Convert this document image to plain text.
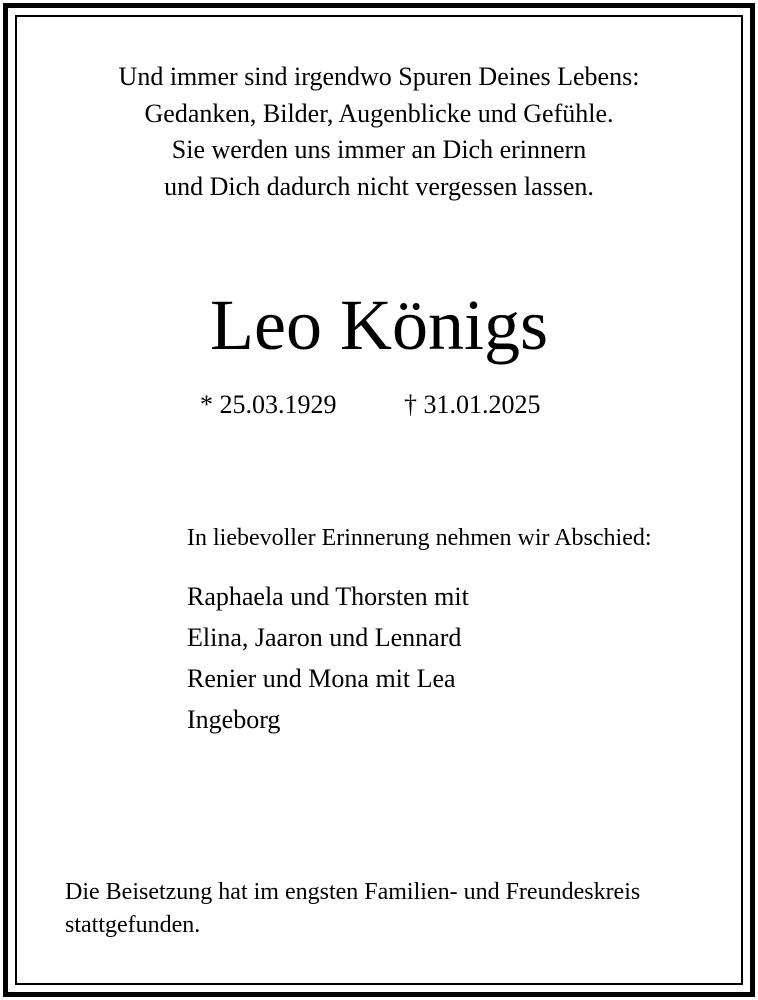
Und immer sind irgendwo Spuren Deines Lebens:
Gedanken, Bilder, Augenblicke und Gefühle.
Sie werden uns immer an Dich erinnern
und Dich dadurch nicht vergessen lassen.
Leo Königs
* 25.03.1929	† 31.01.2025
In liebevoller Erinnerung nehmen wir Abschied:
Raphaela und Thorsten mit
Elina, Jaaron und Lennard
Renier und Mona mit Lea
Ingeborg
Die Beisetzung hat im engsten Familien- und Freundeskreis
stattgefunden.
